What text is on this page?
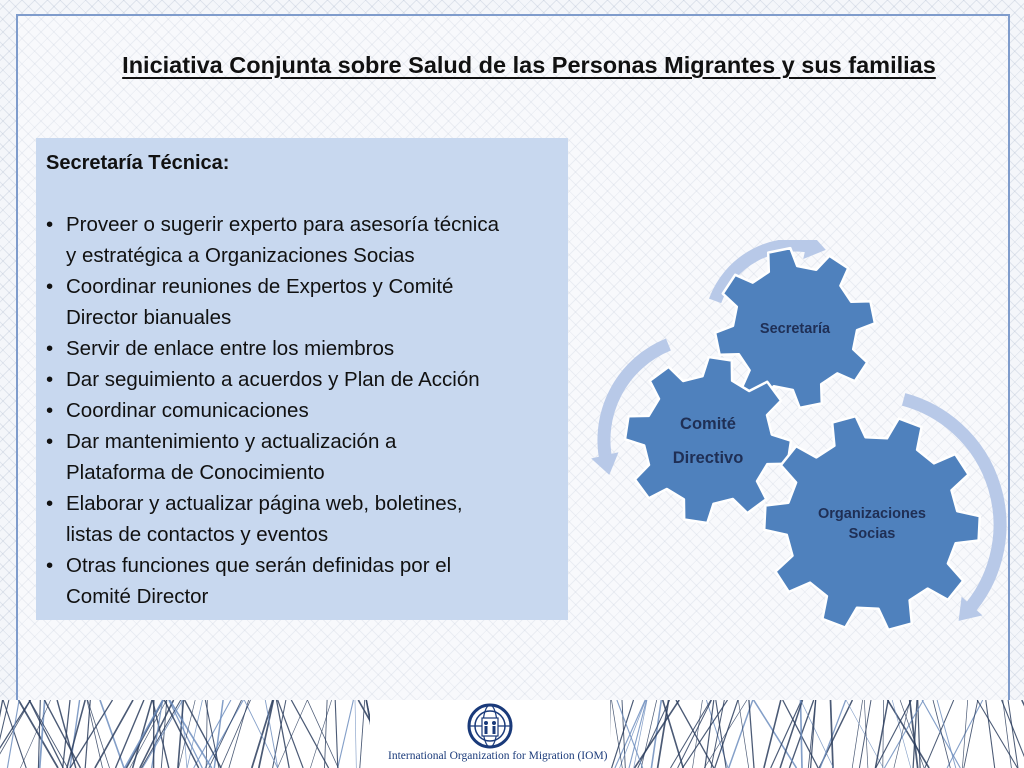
Iniciativa Conjunta sobre Salud de las Personas Migrantes y sus familias
Secretaría Técnica:
• Proveer o sugerir experto para asesoría técnica
y estratégica a Organizaciones Socias
• Coordinar reuniones de Expertos y Comité
Director bianuales
• Servir de enlace entre los miembros
• Dar seguimiento a acuerdos y Plan de Acción
• Coordinar comunicaciones
• Dar mantenimiento y actualización a
Plataforma de Conocimiento
• Elaborar y actualizar página web, boletines,
listas de contactos y eventos
• Otras funciones que serán definidas por el
Comité Director
Secretaría
Comité
Directivo
Organizaciones
Socias
International Organization for Migration (IOM)
